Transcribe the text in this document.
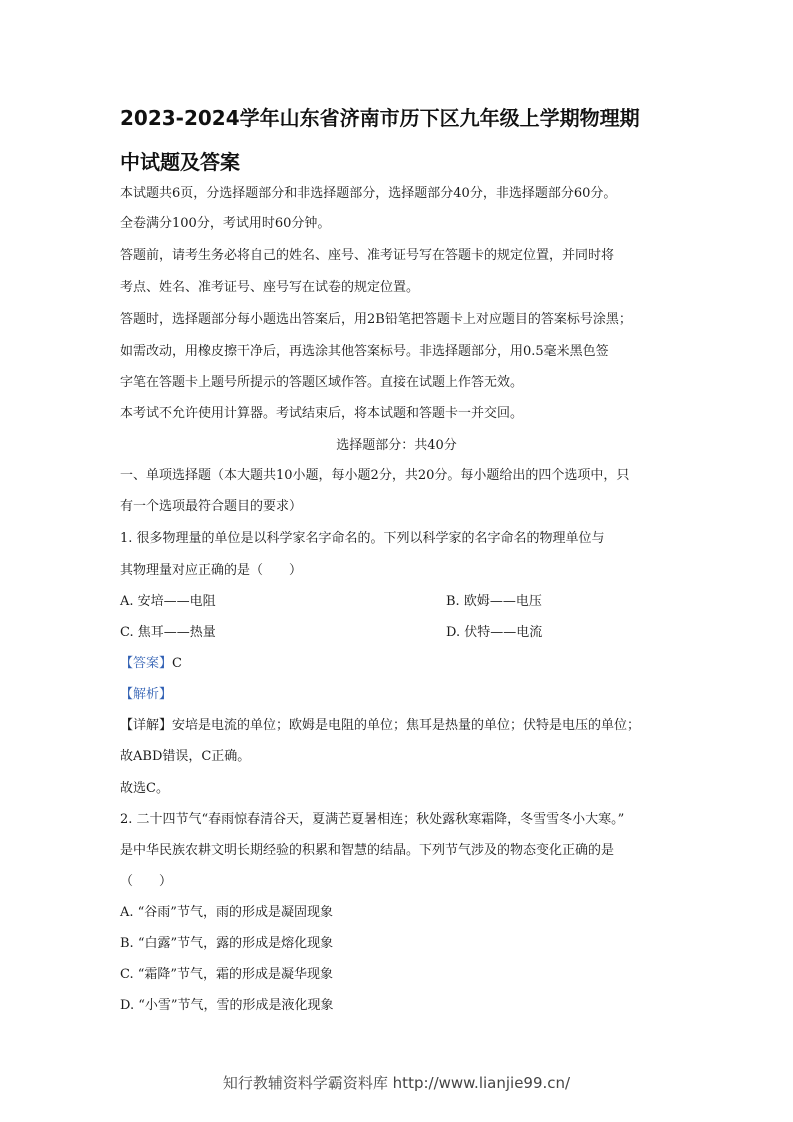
2023-2024学年山东省济南市历下区九年级上学期物理期
中试题及答案
本试题共6页，分选择题部分和非选择题部分，选择题部分40分，非选择题部分60分。
全卷满分100分，考试用时60分钟。
答题前，请考生务必将自己的姓名、座号、准考证号写在答题卡的规定位置，并同时将
考点、姓名、准考证号、座号写在试卷的规定位置。
答题时，选择题部分每小题选出答案后，用2B铅笔把答题卡上对应题目的答案标号涂黑；
如需改动，用橡皮擦干净后，再选涂其他答案标号。非选择题部分，用0.5毫米黑色签
字笔在答题卡上题号所提示的答题区域作答。直接在试题上作答无效。
本考试不允许使用计算器。考试结束后，将本试题和答题卡一并交回。
选择题部分：共40分
一、单项选择题（本大题共10小题，每小题2分，共20分。每小题给出的四个选项中，只
有一个选项最符合题目的要求）
1. 很多物理量的单位是以科学家名字命名的。下列以科学家的名字命名的物理单位与
其物理量对应正确的是（　　）
A. 安培——电阻	B. 欧姆——电压
C. 焦耳——热量	D. 伏特——电流
【答案】C
【解析】
【详解】安培是电流的单位；欧姆是电阻的单位；焦耳是热量的单位；伏特是电压的单位；
故ABD错误，C正确。
故选C。
2. 二十四节气“春雨惊春清谷天，夏满芒夏暑相连；秋处露秋寒霜降，冬雪雪冬小大寒。”
是中华民族农耕文明长期经验的积累和智慧的结晶。下列节气涉及的物态变化正确的是
（　　）
A. “谷雨”节气，雨的形成是凝固现象
B. “白露”节气，露的形成是熔化现象
C. “霜降”节气，霜的形成是凝华现象
D. “小雪”节气，雪的形成是液化现象
知行教辅资料学霸资料库 http://www.lianjie99.cn/
